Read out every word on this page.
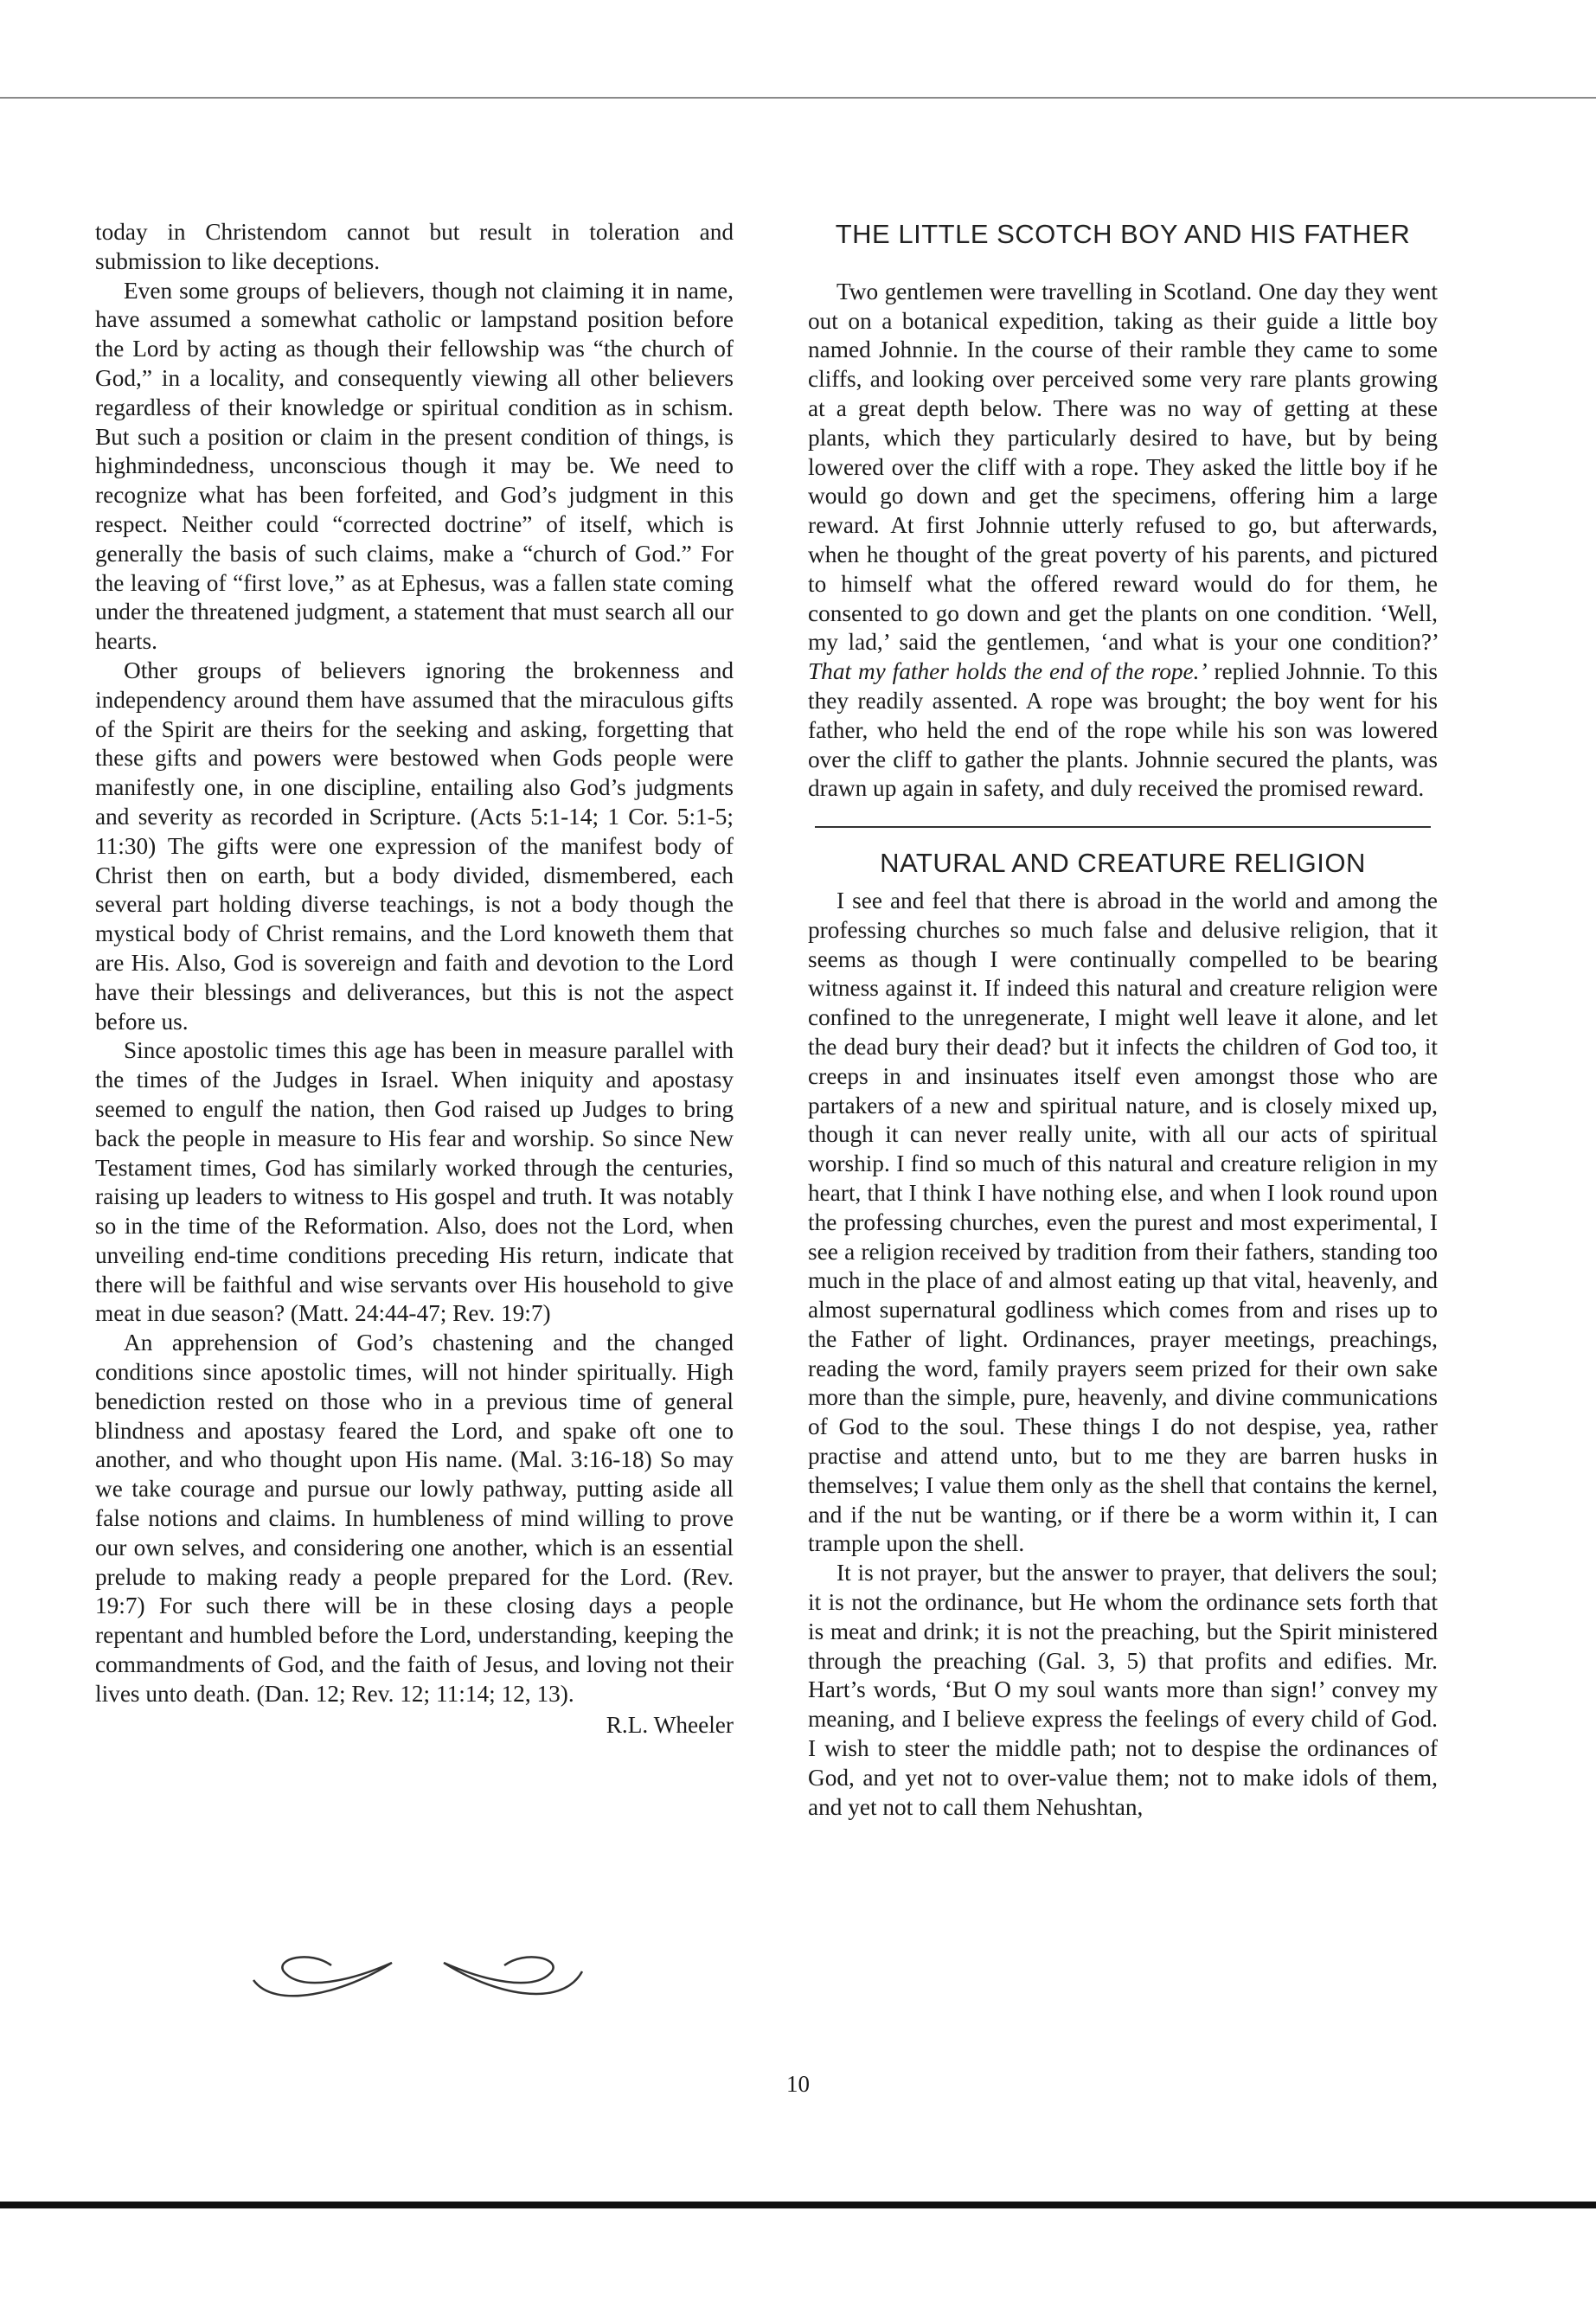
today in Christendom cannot but result in toleration and submission to like deceptions.

Even some groups of believers, though not claiming it in name, have assumed a somewhat catholic or lampstand position before the Lord by acting as though their fellowship was “the church of God,” in a locality, and consequently viewing all other believers regardless of their knowledge or spiritual condition as in schism. But such a position or claim in the present condition of things, is highmindedness, unconscious though it may be. We need to recognize what has been forfeited, and God’s judgment in this respect. Neither could “corrected doctrine” of itself, which is generally the basis of such claims, make a “church of God.” For the leaving of “first love,” as at Ephesus, was a fallen state coming under the threatened judgment, a statement that must search all our hearts.

Other groups of believers ignoring the brokenness and independency around them have assumed that the miraculous gifts of the Spirit are theirs for the seeking and asking, forgetting that these gifts and powers were bestowed when Gods people were manifestly one, in one discipline, entailing also God’s judgments and severity as recorded in Scripture. (Acts 5:1-14; 1 Cor. 5:1-5; 11:30) The gifts were one expression of the manifest body of Christ then on earth, but a body divided, dismembered, each several part holding diverse teachings, is not a body though the mystical body of Christ remains, and the Lord knoweth them that are His. Also, God is sovereign and faith and devotion to the Lord have their blessings and deliverances, but this is not the aspect before us.

Since apostolic times this age has been in measure parallel with the times of the Judges in Israel. When iniquity and apostasy seemed to engulf the nation, then God raised up Judges to bring back the people in measure to His fear and worship. So since New Testament times, God has similarly worked through the centuries, raising up leaders to witness to His gospel and truth. It was notably so in the time of the Reformation. Also, does not the Lord, when unveiling end-time conditions preceding His return, indicate that there will be faithful and wise servants over His household to give meat in due season? (Matt. 24:44-47; Rev. 19:7)

An apprehension of God’s chastening and the changed conditions since apostolic times, will not hinder spiritually. High benediction rested on those who in a previous time of general blindness and apostasy feared the Lord, and spake oft one to another, and who thought upon His name. (Mal. 3:16-18) So may we take courage and pursue our lowly pathway, putting aside all false notions and claims. In humbleness of mind willing to prove our own selves, and considering one another, which is an essential prelude to making ready a people prepared for the Lord. (Rev. 19:7) For such there will be in these closing days a people repentant and humbled before the Lord, understanding, keeping the commandments of God, and the faith of Jesus, and loving not their lives unto death. (Dan. 12; Rev. 12; 11:14; 12, 13).

R.L. Wheeler
THE LITTLE SCOTCH BOY AND HIS FATHER

Two gentlemen were travelling in Scotland. One day they went out on a botanical expedition, taking as their guide a little boy named Johnnie. In the course of their ramble they came to some cliffs, and looking over perceived some very rare plants growing at a great depth below. There was no way of getting at these plants, which they particularly desired to have, but by being lowered over the cliff with a rope. They asked the little boy if he would go down and get the specimens, offering him a large reward. At first Johnnie utterly refused to go, but afterwards, when he thought of the great poverty of his parents, and pictured to himself what the offered reward would do for them, he consented to go down and get the plants on one condition. ‘Well, my lad,’ said the gentlemen, ‘and what is your one condition?’ That my father holds the end of the rope.’ replied Johnnie. To this they readily assented. A rope was brought; the boy went for his father, who held the end of the rope while his son was lowered over the cliff to gather the plants. Johnnie secured the plants, was drawn up again in safety, and duly received the promised reward.

NATURAL AND CREATURE RELIGION

I see and feel that there is abroad in the world and among the professing churches so much false and delusive religion, that it seems as though I were continually compelled to be bearing witness against it. If indeed this natural and creature religion were confined to the unregenerate, I might well leave it alone, and let the dead bury their dead? but it infects the children of God too, it creeps in and insinuates itself even amongst those who are partakers of a new and spiritual nature, and is closely mixed up, though it can never really unite, with all our acts of spiritual worship. I find so much of this natural and creature religion in my heart, that I think I have nothing else, and when I look round upon the professing churches, even the purest and most experimental, I see a religion received by tradition from their fathers, standing too much in the place of and almost eating up that vital, heavenly, and almost supernatural godliness which comes from and rises up to the Father of light. Ordinances, prayer meetings, preachings, reading the word, family prayers seem prized for their own sake more than the simple, pure, heavenly, and divine communications of God to the soul. These things I do not despise, yea, rather practise and attend unto, but to me they are barren husks in themselves; I value them only as the shell that contains the kernel, and if the nut be wanting, or if there be a worm within it, I can trample upon the shell.

It is not prayer, but the answer to prayer, that delivers the soul; it is not the ordinance, but He whom the ordinance sets forth that is meat and drink; it is not the preaching, but the Spirit ministered through the preaching (Gal. 3, 5) that profits and edifies. Mr. Hart’s words, ‘But O my soul wants more than sign!’ convey my meaning, and I believe express the feelings of every child of God. I wish to steer the middle path; not to despise the ordinances of God, and yet not to over-value them; not to make idols of them, and yet not to call them Nehushtan,

10
